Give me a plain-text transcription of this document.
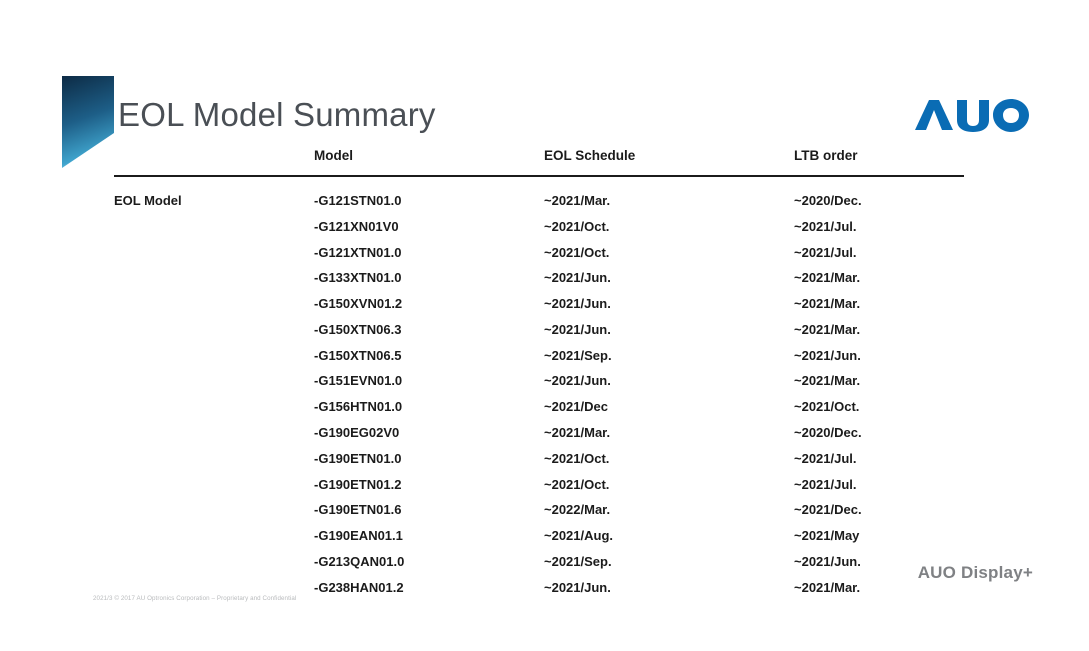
EOL Model Summary
	Model	EOL Schedule	LTB order
EOL Model	-G121STN01.0	~2021/Mar.	~2020/Dec.
	-G121XN01V0	~2021/Oct.	~2021/Jul.
	-G121XTN01.0	~2021/Oct.	~2021/Jul.
	-G133XTN01.0	~2021/Jun.	~2021/Mar.
	-G150XVN01.2	~2021/Jun.	~2021/Mar.
	-G150XTN06.3	~2021/Jun.	~2021/Mar.
	-G150XTN06.5	~2021/Sep.	~2021/Jun.
	-G151EVN01.0	~2021/Jun.	~2021/Mar.
	-G156HTN01.0	~2021/Dec	~2021/Oct.
	-G190EG02V0	~2021/Mar.	~2020/Dec.
	-G190ETN01.0	~2021/Oct.	~2021/Jul.
	-G190ETN01.2	~2021/Oct.	~2021/Jul.
	-G190ETN01.6	~2022/Mar.	~2021/Dec.
	-G190EAN01.1	~2021/Aug.	~2021/May
	-G213QAN01.0	~2021/Sep.	~2021/Jun.
	-G238HAN01.2	~2021/Jun.	~2021/Mar.
AUO Display+
2021/3 © 2017 AU Optronics Corporation – Proprietary and Confidential
